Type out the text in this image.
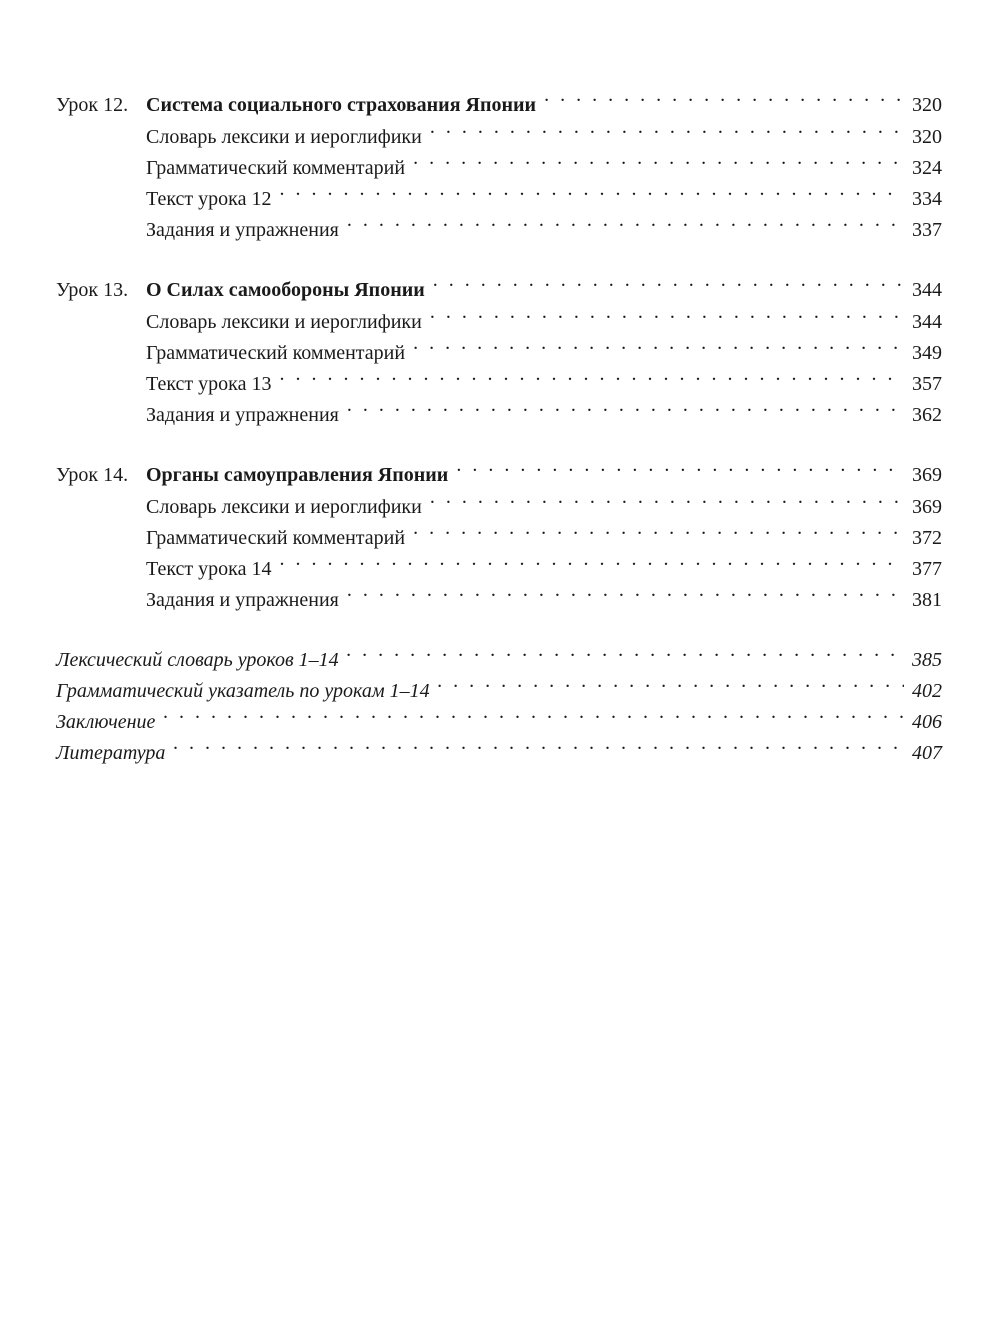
Урок 12. Система социального страхования Японии . . .	320
Словарь лексики и иероглифики . . .	320
Грамматический комментарий . . .	324
Текст урока 12 . . .	334
Задания и упражнения . . .	337
Урок 13. О Силах самообороны Японии . . .	344
Словарь лексики и иероглифики . . .	344
Грамматический комментарий . . .	349
Текст урока 13 . . .	357
Задания и упражнения . . .	362
Урок 14. Органы самоуправления Японии . . .	369
Словарь лексики и иероглифики . . .	369
Грамматический комментарий . . .	372
Текст урока 14 . . .	377
Задания и упражнения . . .	381
Лексический словарь уроков 1–14 . . .	385
Грамматический указатель по урокам 1–14 . . .	402
Заключение . . .	406
Литература . . .	407
